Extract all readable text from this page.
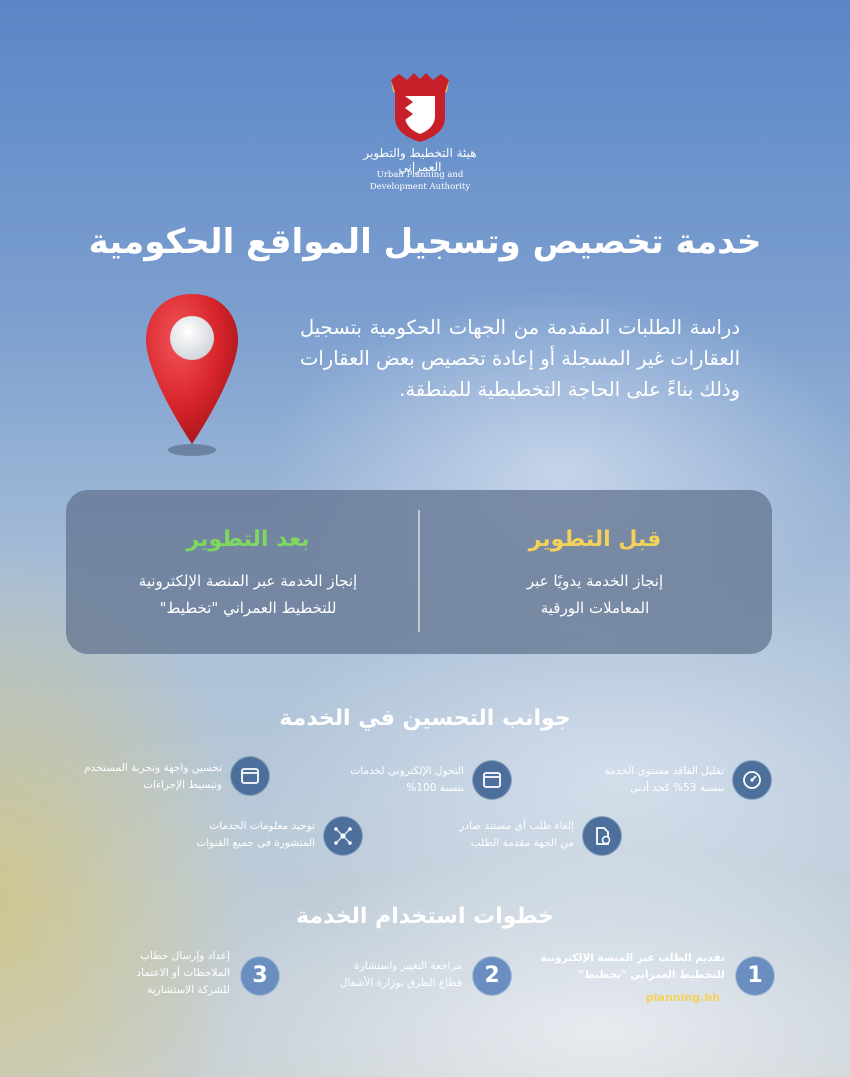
هيئة التخطيط والتطوير العمراني
Urban Planning and
Development Authority
خدمة تخصيص وتسجيل المواقع الحكومية
دراسة الطلبات المقدمة من الجهات الحكومية بتسجيل العقارات غير المسجلة أو إعادة تخصيص بعض العقارات وذلك بناءً على الحاجة التخطيطية للمنطقة.
قبل التطوير
إنجاز الخدمة يدويًا عبر
المعاملات الورقية
بعد التطوير
إنجاز الخدمة عبر المنصة الإلكترونية
للتخطيط العمراني "تخطيط"
جوانب التحسين في الخدمة
تقليل الفاقد مستوى الخدمة
بنسبة 53% كحد أدنى
التحول الإلكتروني لخدمات
بنسبة 100%
تحسين واجهة وتجربة المستخدم
وتبسيط الإجراءات
إلغاء طلب أي مستند صادر
من الجهة مقدمة الطلب
توحيد معلومات الخدمات
المنشورة في جميع القنوات
خطوات استخدام الخدمة
1
تقديم الطلب عبر المنصة الإلكترونية
للتخطيط العمراني "تخطيط"
planning.bh
2
مراجعة التغيير واستشارة
قطاع الطرق بوزارة الأشغال
3
إعداد وإرسال خطاب
الملاحظات أو الاعتماد
للشركة الاستشارية
